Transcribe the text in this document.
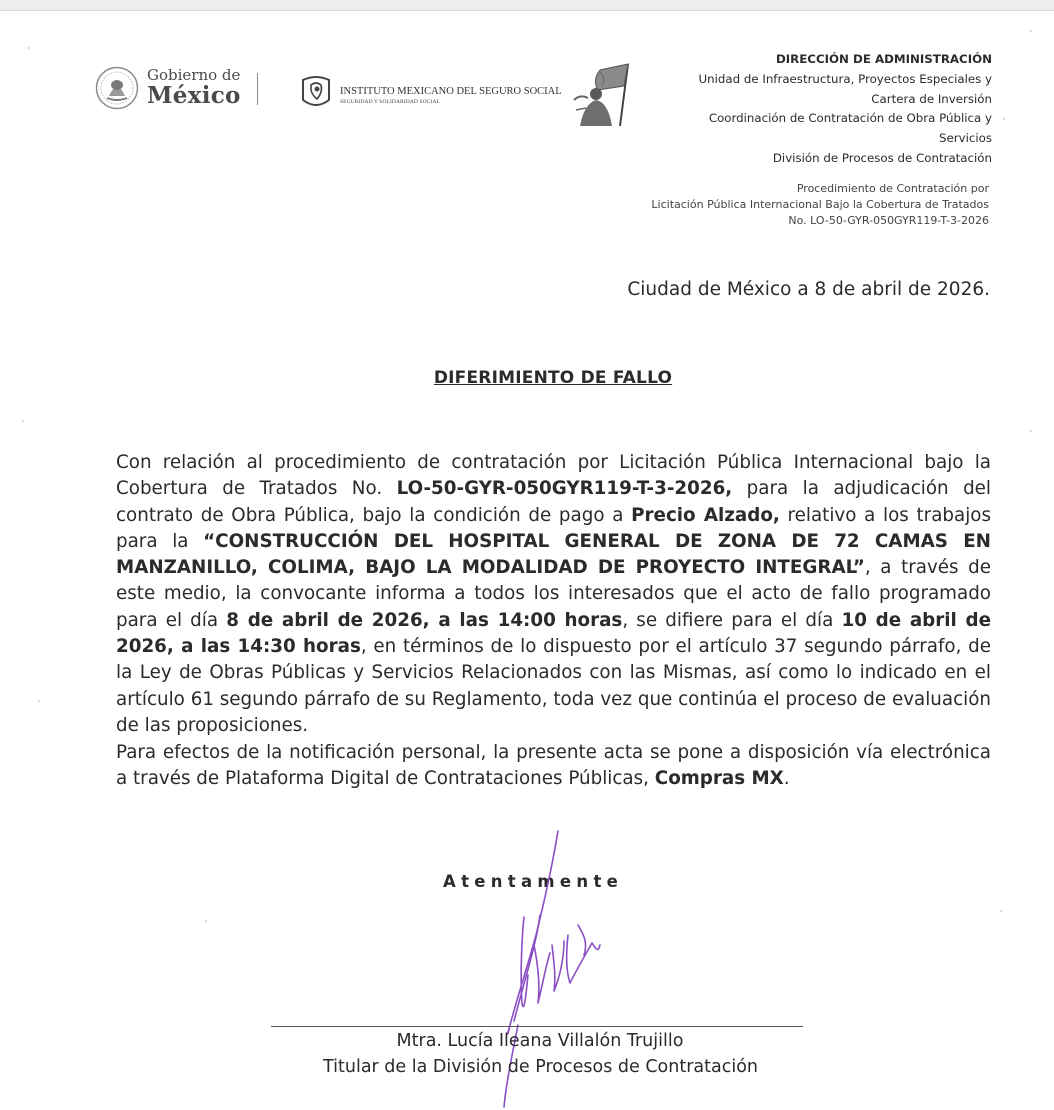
Gobierno de
México	INSTITUTO MEXICANO DEL SEGURO SOCIAL
SEGURIDAD Y SOLIDARIDAD SOCIAL
DIRECCIÓN DE ADMINISTRACIÓN
Unidad de Infraestructura, Proyectos Especiales y
Cartera de Inversión
Coordinación de Contratación de Obra Pública y
Servicios
División de Procesos de Contratación
Procedimiento de Contratación por
Licitación Pública Internacional Bajo la Cobertura de Tratados
No. LO-50-GYR-050GYR119-T-3-2026
Ciudad de México a 8 de abril de 2026.
DIFERIMIENTO DE FALLO
Con relación al procedimiento de contratación por Licitación Pública Internacional bajo la Cobertura de Tratados No. LO-50-GYR-050GYR119-T-3-2026, para la adjudicación del contrato de Obra Pública, bajo la condición de pago a Precio Alzado, relativo a los trabajos para la “CONSTRUCCIÓN DEL HOSPITAL GENERAL DE ZONA DE 72 CAMAS EN MANZANILLO, COLIMA, BAJO LA MODALIDAD DE PROYECTO INTEGRAL”, a través de este medio, la convocante informa a todos los interesados que el acto de fallo programado para el día 8 de abril de 2026, a las 14:00 horas, se difiere para el día 10 de abril de 2026, a las 14:30 horas, en términos de lo dispuesto por el artículo 37 segundo párrafo, de la Ley de Obras Públicas y Servicios Relacionados con las Mismas, así como lo indicado en el artículo 61 segundo párrafo de su Reglamento, toda vez que continúa el proceso de evaluación de las proposiciones.
Para efectos de la notificación personal, la presente acta se pone a disposición vía electrónica a través de Plataforma Digital de Contrataciones Públicas, Compras MX.
Atentamente
Mtra. Lucía Ileana Villalón Trujillo
Titular de la División de Procesos de Contratación
